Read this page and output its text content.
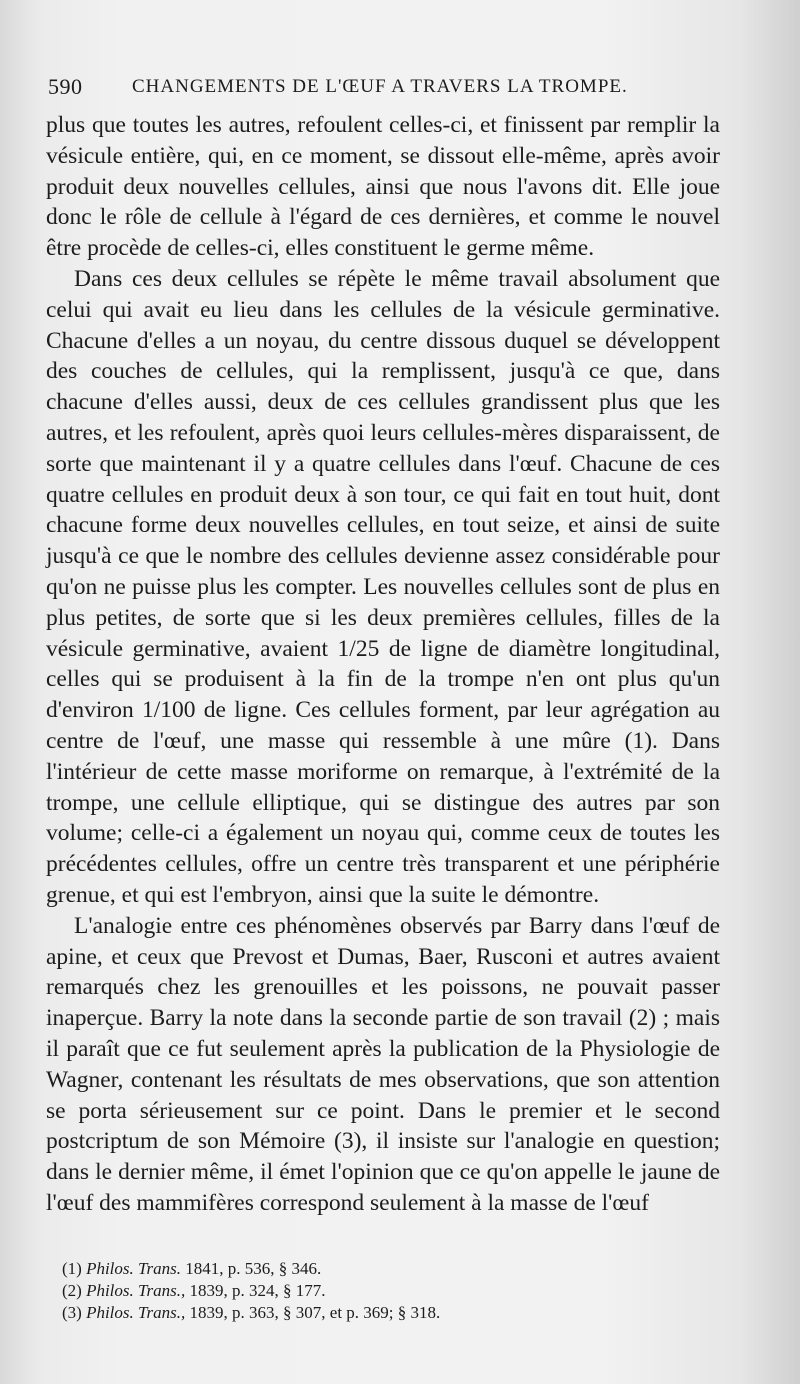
590	CHANGEMENTS DE L'ŒUF A TRAVERS LA TROMPE.

plus que toutes les autres, refoulent celles-ci, et finissent par remplir la vésicule entière, qui, en ce moment, se dissout elle-même, après avoir produit deux nouvelles cellules, ainsi que nous l'avons dit. Elle joue donc le rôle de cellule à l'égard de ces dernières, et comme le nouvel être procède de celles-ci, elles constituent le germe même.

Dans ces deux cellules se répète le même travail absolument que celui qui avait eu lieu dans les cellules de la vésicule germinative. Chacune d'elles a un noyau, du centre dissous duquel se développent des couches de cellules, qui la remplissent, jusqu'à ce que, dans chacune d'elles aussi, deux de ces cellules grandissent plus que les autres, et les refoulent, après quoi leurs cellules-mères disparaissent, de sorte que maintenant il y a quatre cellules dans l'œuf. Chacune de ces quatre cellules en produit deux à son tour, ce qui fait en tout huit, dont chacune forme deux nouvelles cellules, en tout seize, et ainsi de suite jusqu'à ce que le nombre des cellules devienne assez considérable pour qu'on ne puisse plus les compter. Les nouvelles cellules sont de plus en plus petites, de sorte que si les deux premières cellules, filles de la vésicule germinative, avaient 1/25 de ligne de diamètre longitudinal, celles qui se produisent à la fin de la trompe n'en ont plus qu'un d'environ 1/100 de ligne. Ces cellules forment, par leur agrégation au centre de l'œuf, une masse qui ressemble à une mûre (1). Dans l'intérieur de cette masse moriforme on remarque, à l'extrémité de la trompe, une cellule elliptique, qui se distingue des autres par son volume; celle-ci a également un noyau qui, comme ceux de toutes les précédentes cellules, offre un centre très transparent et une périphérie grenue, et qui est l'embryon, ainsi que la suite le démontre.

L'analogie entre ces phénomènes observés par Barry dans l'œuf de apine, et ceux que Prevost et Dumas, Baer, Rusconi et autres avaient remarqués chez les grenouilles et les poissons, ne pouvait passer inaperçue. Barry la note dans la seconde partie de son travail (2) ; mais il paraît que ce fut seulement après la publication de la Physiologie de Wagner, contenant les résultats de mes observations, que son attention se porta sérieusement sur ce point. Dans le premier et le second postcriptum de son Mémoire (3), il insiste sur l'analogie en question; dans le dernier même, il émet l'opinion que ce qu'on appelle le jaune de l'œuf des mammifères correspond seulement à la masse de l'œuf

(1) Philos. Trans. 1841, p. 536, § 346.
(2) Philos. Trans., 1839, p. 324, § 177.
(3) Philos. Trans., 1839, p. 363, § 307, et p. 369; § 318.
